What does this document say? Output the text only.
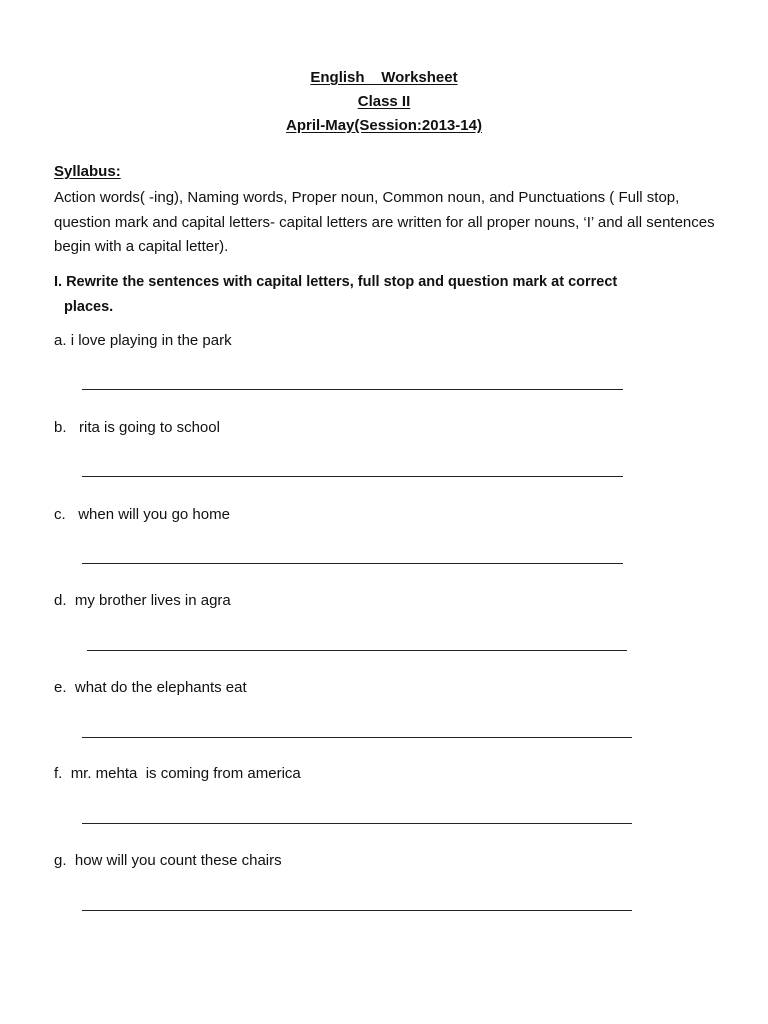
English    Worksheet
Class II
April-May(Session:2013-14)
Syllabus:
Action words( -ing), Naming words, Proper noun, Common noun, and Punctuations ( Full stop, question mark and capital letters- capital letters are written for all proper nouns, ‘I’ and all sentences begin with a capital letter).
I. Rewrite the sentences with capital letters, full stop and question mark at correct
places.
a. i love playing in the park
b. rita is going to school
c. when will you go home
d. my brother lives in agra
e. what do the elephants eat
f. mr. mehta  is coming from america
g. how will you count these chairs
